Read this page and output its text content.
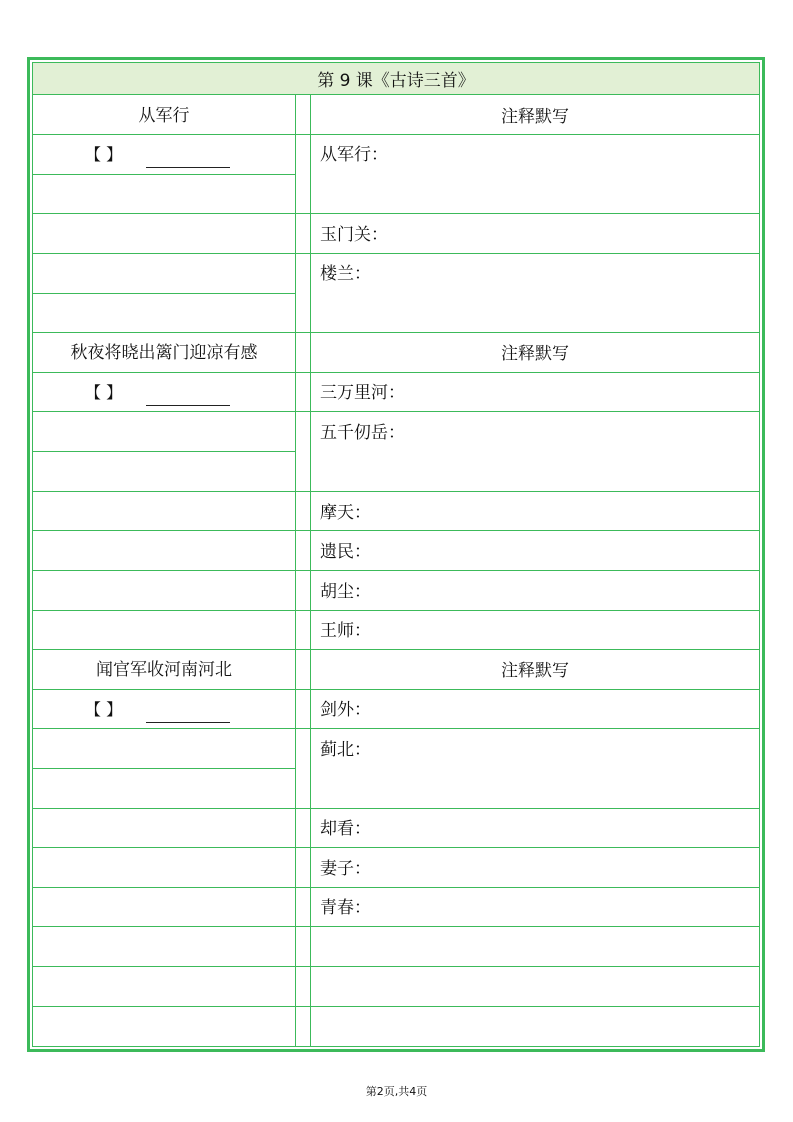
第 9 课《古诗三首》
从军行	注释默写
【 】	从军行：
玉门关：
楼兰：
秋夜将晓出篱门迎凉有感	注释默写
【 】	三万里河：
五千仞岳：
摩天：
遗民：
胡尘：
王师：
闻官军收河南河北	注释默写
【 】	剑外：
蓟北：
却看：
妻子：
青春：
第2页,共4页
